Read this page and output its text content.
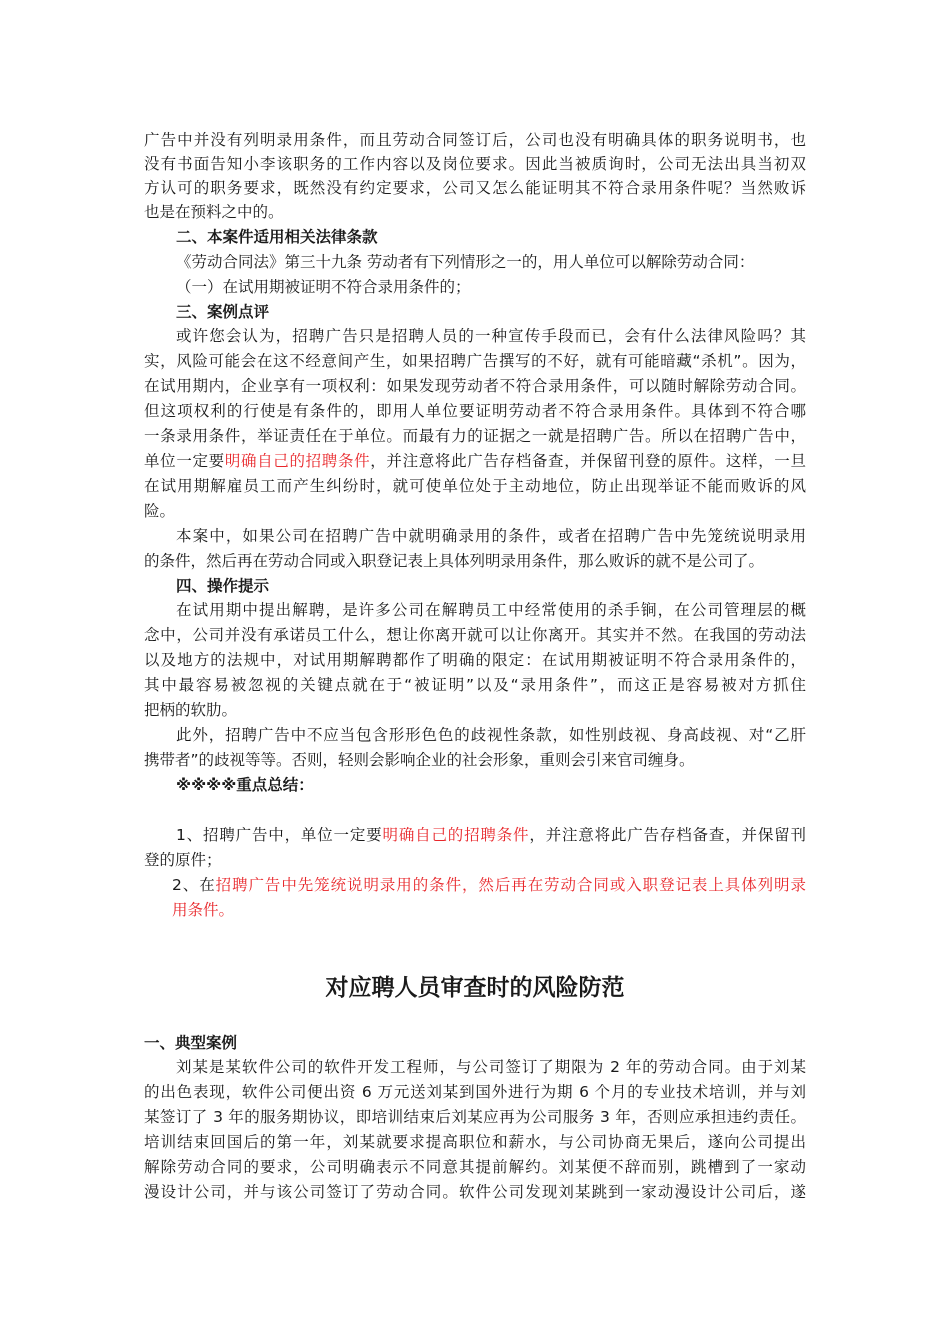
广告中并没有列明录用条件，而且劳动合同签订后，公司也没有明确具体的职务说明书，也

没有书面告知小李该职务的工作内容以及岗位要求。因此当被质询时，公司无法出具当初双

方认可的职务要求，既然没有约定要求，公司又怎么能证明其不符合录用条件呢？当然败诉

也是在预料之中的。

二、本案件适用相关法律条款

《劳动合同法》第三十九条 劳动者有下列情形之一的，用人单位可以解除劳动合同：

（一）在试用期被证明不符合录用条件的；

三、案例点评

或许您会认为，招聘广告只是招聘人员的一种宣传手段而已，会有什么法律风险吗？其

实，风险可能会在这不经意间产生，如果招聘广告撰写的不好，就有可能暗藏“杀机”。因为，

在试用期内，企业享有一项权利：如果发现劳动者不符合录用条件，可以随时解除劳动合同。

但这项权利的行使是有条件的，即用人单位要证明劳动者不符合录用条件。具体到不符合哪

一条录用条件，举证责任在于单位。而最有力的证据之一就是招聘广告。所以在招聘广告中，

单位一定要明确自己的招聘条件，并注意将此广告存档备查，并保留刊登的原件。这样，一旦

在试用期解雇员工而产生纠纷时，就可使单位处于主动地位，防止出现举证不能而败诉的风

险。

本案中，如果公司在招聘广告中就明确录用的条件，或者在招聘广告中先笼统说明录用

的条件，然后再在劳动合同或入职登记表上具体列明录用条件，那么败诉的就不是公司了。

四、操作提示

在试用期中提出解聘，是许多公司在解聘员工中经常使用的杀手锏，在公司管理层的概

念中，公司并没有承诺员工什么，想让你离开就可以让你离开。其实并不然。在我国的劳动法

以及地方的法规中，对试用期解聘都作了明确的限定：在试用期被证明不符合录用条件的，

其中最容易被忽视的关键点就在于“被证明”以及“录用条件”，而这正是容易被对方抓住

把柄的软肋。

此外，招聘广告中不应当包含形形色色的歧视性条款，如性别歧视、身高歧视、对“乙肝

携带者”的歧视等等。否则，轻则会影响企业的社会形象，重则会引来官司缠身。

※※※※重点总结：

1、招聘广告中，单位一定要明确自己的招聘条件，并注意将此广告存档备查，并保留刊

登的原件；

2、在招聘广告中先笼统说明录用的条件，然后再在劳动合同或入职登记表上具体列明录

用条件。

对应聘人员审查时的风险防范

一、典型案例

刘某是某软件公司的软件开发工程师，与公司签订了期限为 2 年的劳动合同。由于刘某

的出色表现，软件公司便出资 6 万元送刘某到国外进行为期 6 个月的专业技术培训，并与刘

某签订了 3 年的服务期协议，即培训结束后刘某应再为公司服务 3 年，否则应承担违约责任。

培训结束回国后的第一年，刘某就要求提高职位和薪水，与公司协商无果后，遂向公司提出

解除劳动合同的要求，公司明确表示不同意其提前解约。刘某便不辞而别，跳槽到了一家动

漫设计公司，并与该公司签订了劳动合同。软件公司发现刘某跳到一家动漫设计公司后，遂
